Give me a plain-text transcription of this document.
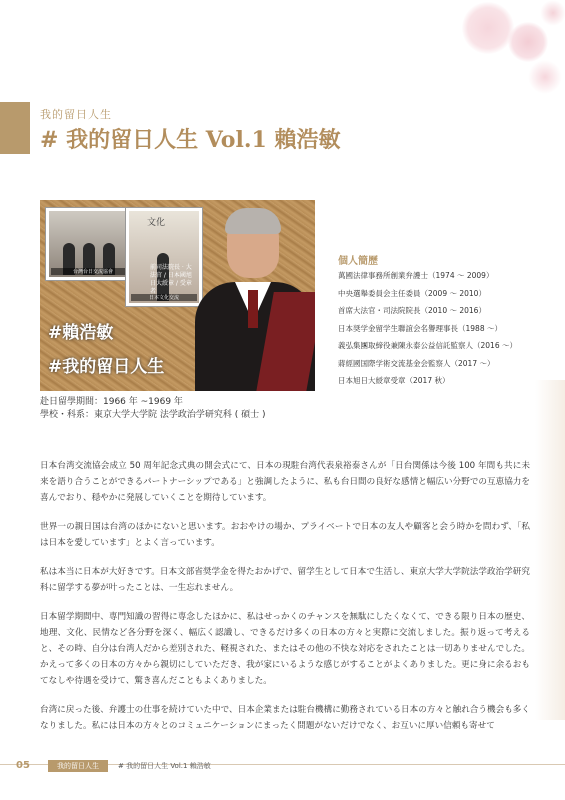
我的留日人生
# 我的留日人生 Vol.1 賴浩敏
台灣台日交流協會
文化
日本文化交流
前司法院長 · 大法官 / 日本國旭日大綬章 / 受章者
#賴浩敏
#我的留日人生
赴日留學期間：1966 年 ~1969 年
學校・科系：東京大学大学院 法学政治学研究科 ( 碩士 )
個人簡歷
萬國法律事務所創業弁護士（1974 ～ 2009）
中央選舉委員会主任委員（2009 ～ 2010）
首席大法官・司法院院長（2010 ～ 2016）
日本奨学金留学生聯誼会名譽理事長（1988 ～）
義弘集團取締役兼陳永泰公益信託監察人（2016 ～）
蔣經國国際学術交流基金会監察人（2017 ～）
日本旭日大綬章受章（2017 秋）

日本台湾交流協会成立 50 周年記念式典の開会式にて、日本の現駐台湾代表泉裕泰さんが「日台関係は今後 100 年間も共に未来を語り合うことができるパートナーシップである」と強調したように、私も台日間の良好な感情と幅広い分野での互恵協力を喜んでおり、穏やかに発展していくことを期待しています。

世界一の親日国は台湾のほかにないと思います。おおやけの場か、プライベートで日本の友人や顧客と会う時かを問わず、「私は日本を愛しています」とよく言っています。

私は本当に日本が大好きです。日本文部省奨学金を得たおかげで、留学生として日本で生活し、東京大学大学院法学政治学研究科に留学する夢が叶ったことは、一生忘れません。

日本留学期間中、専門知識の習得に専念したほかに、私はせっかくのチャンスを無駄にしたくなくて、できる限り日本の歴史、地理、文化、民情など各分野を深く、幅広く認識し、できるだけ多くの日本の方々と実際に交流しました。振り返って考えると、その時、自分は台湾人だから差別された、軽視された、またはその他の不快な対応をされたことは一切ありませんでした。かえって多くの日本の方々から親切にしていただき、我が家にいるような感じがすることがよくありました。更に身に余るおもてなしや待遇を受けて、驚き喜んだこともよくありました。

台湾に戻った後、弁護士の仕事を続けていた中で、日本企業または駐台機構に勤務されている日本の方々と触れ合う機会も多くなりました。私には日本の方々とのコミュニケーションにまったく問題がないだけでなく、お互いに厚い信頼も寄せて

05	我的留日人生	# 我的留日人生 Vol.1 賴浩敏
